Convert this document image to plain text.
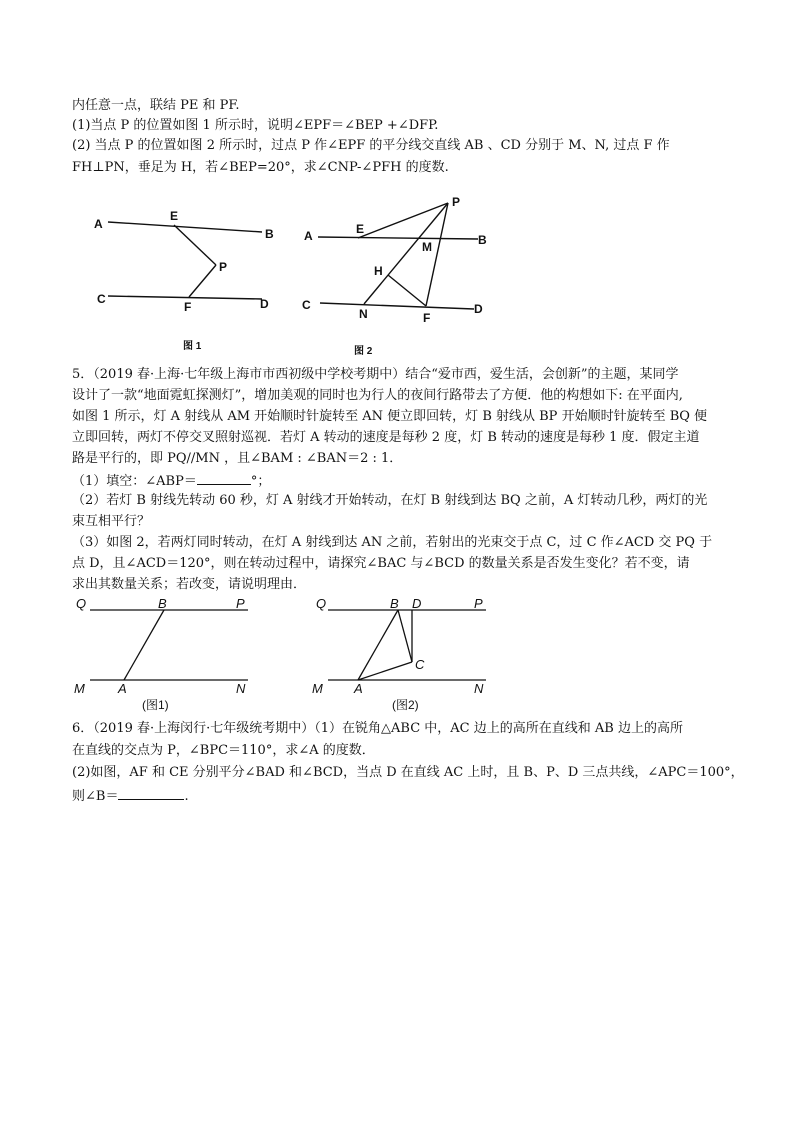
内任意一点，联结 PE 和 PF.
(1)当点 P 的位置如图 1 所示时，说明∠EPF＝∠BEP +∠DFP.
(2) 当点 P 的位置如图 2 所示时，过点 P 作∠EPF 的平分线交直线 AB 、CD 分别于 M、N, 过点 F 作
FH⊥PN，垂足为 H，若∠BEP=20°，求∠CNP-∠PFH 的度数.
A
E
B
P
C
F	D
图 1
P
E
A	B
M
H
C
N	F
D
图 2
5．（2019 春·上海·七年级上海市市西初级中学校考期中）结合“爱市西，爱生活，会创新”的主题，某同学
设计了一款“地面霓虹探测灯”，增加美观的同时也为行人的夜间行路带去了方便．他的构想如下: 在平面内,
如图 1 所示，灯 A 射线从 AM 开始顺时针旋转至 AN 便立即回转，灯 B 射线从 BP 开始顺时针旋转至 BQ 便
立即回转，两灯不停交叉照射巡视．若灯 A 转动的速度是每秒 2 度，灯 B 转动的速度是每秒 1 度．假定主道
路是平行的，即 PQ//MN ，且∠BAM : ∠BAN＝2 : 1．
（1）填空：∠ABP＝	°；
（2）若灯 B 射线先转动 60 秒，灯 A 射线才开始转动，在灯 B 射线到达 BQ 之前，A 灯转动几秒，两灯的光
束互相平行？
（3）如图 2，若两灯同时转动，在灯 A 射线到达 AN 之前，若射出的光束交于点 C，过 C 作∠ACD 交 PQ 于
点 D，且∠ACD＝120°，则在转动过程中，请探究∠BAC 与∠BCD 的数量关系是否发生变化？若不变，请
求出其数量关系；若改变，请说明理由．
Q	B	P
M	A	N
(图1)
Q	B D	P
C
M A	N
(图2)
6．（2019 春·上海闵行·七年级统考期中）（1）在锐角△ABC 中，AC 边上的高所在直线和 AB 边上的高所
在直线的交点为 P，∠BPC＝110°，求∠A 的度数．
(2)如图，AF 和 CE 分别平分∠BAD 和∠BCD，当点 D 在直线 AC 上时，且 B、P、D 三点共线，∠APC＝100°，
则∠B＝	.
